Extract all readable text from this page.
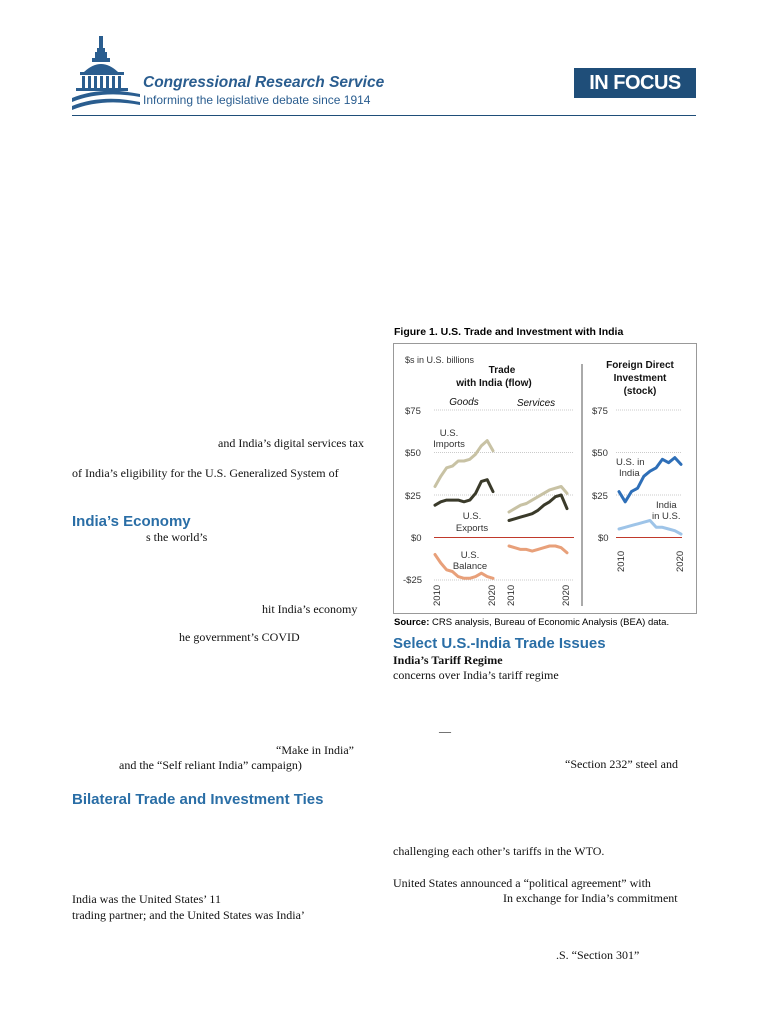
Congressional Research Service
Informing the legislative debate since 1914
IN FOCUS
and India’s digital services tax
of India’s eligibility for the U.S. Generalized System of
India’s Economy
s the world’s
hit India’s economy
he government’s COVID
“Make in India”
and the “Self reliant India” campaign)
Bilateral Trade and Investment Ties
India was the United States’ 11
trading partner; and the United States was India’
Figure 1. U.S. Trade and Investment with India
$75
$50
$25
$0
-$25
$75
$50
$25
$0
$s in U.S. billions
Trade
with India (flow)
Goods	Services
Foreign Direct
Investment
(stock)
U.S.
Imports
U.S.
Exports
U.S.
Balance
U.S. in
India
India
in U.S.
2010	2020 2010	2020
2010	2020
Source: CRS analysis, Bureau of Economic Analysis (BEA) data.
Select U.S.-India Trade Issues
India’s Tariff Regime
concerns over India’s tariff regime
—
“Section 232” steel and
challenging each other’s tariffs in the WTO.
United States announced a “political agreement” with
In exchange for India’s commitment
.S. “Section 301”
